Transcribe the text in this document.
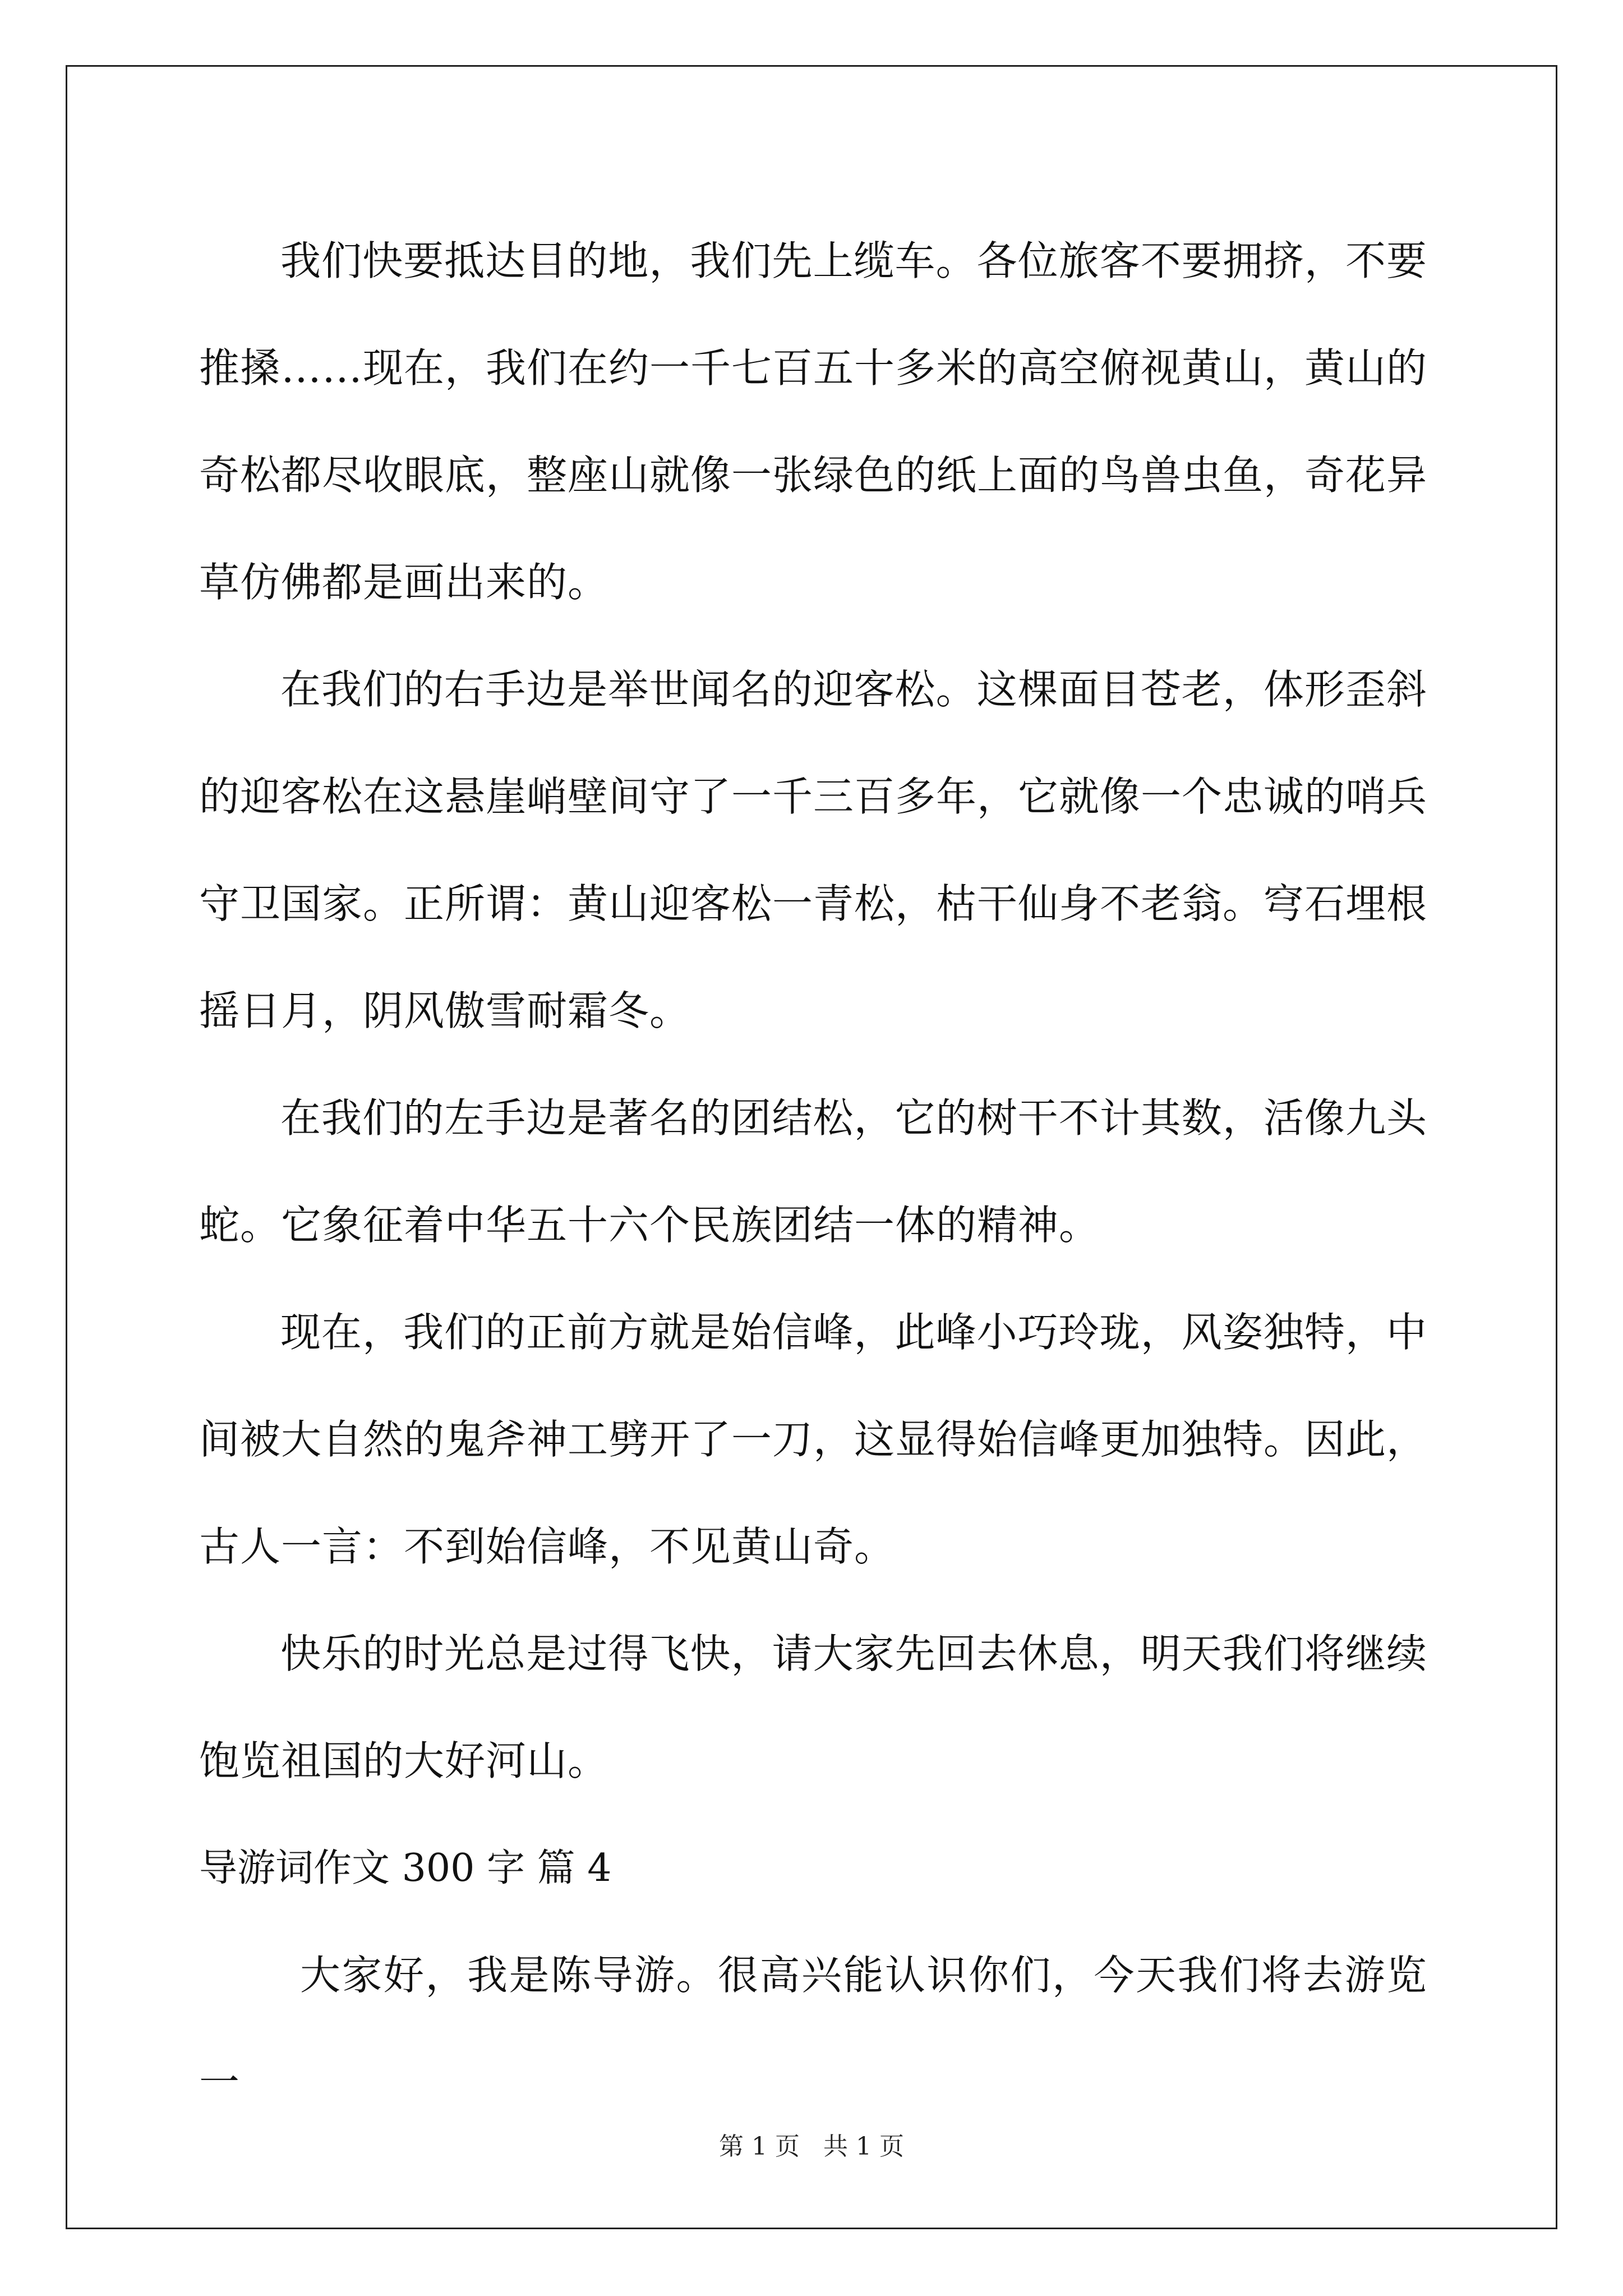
我们快要抵达目的地，我们先上缆车。各位旅客不要拥挤，不要推搡……现在，我们在约一千七百五十多米的高空俯视黄山，黄山的奇松都尽收眼底，整座山就像一张绿色的纸上面的鸟兽虫鱼，奇花异草仿佛都是画出来的。

在我们的右手边是举世闻名的迎客松。这棵面目苍老，体形歪斜的迎客松在这悬崖峭壁间守了一千三百多年，它就像一个忠诚的哨兵守卫国家。正所谓：黄山迎客松一青松，枯干仙身不老翁。穹石埋根摇日月，阴风傲雪耐霜冬。

在我们的左手边是著名的团结松，它的树干不计其数，活像九头蛇。它象征着中华五十六个民族团结一体的精神。

现在，我们的正前方就是始信峰，此峰小巧玲珑，风姿独特，中间被大自然的鬼斧神工劈开了一刀，这显得始信峰更加独特。因此，古人一言：不到始信峰，不见黄山奇。

快乐的时光总是过得飞快，请大家先回去休息，明天我们将继续饱览祖国的大好河山。

导游词作文 300 字 篇 4

大家好，我是陈导游。很高兴能认识你们，今天我们将去游览一

第 1 页 共 1 页
